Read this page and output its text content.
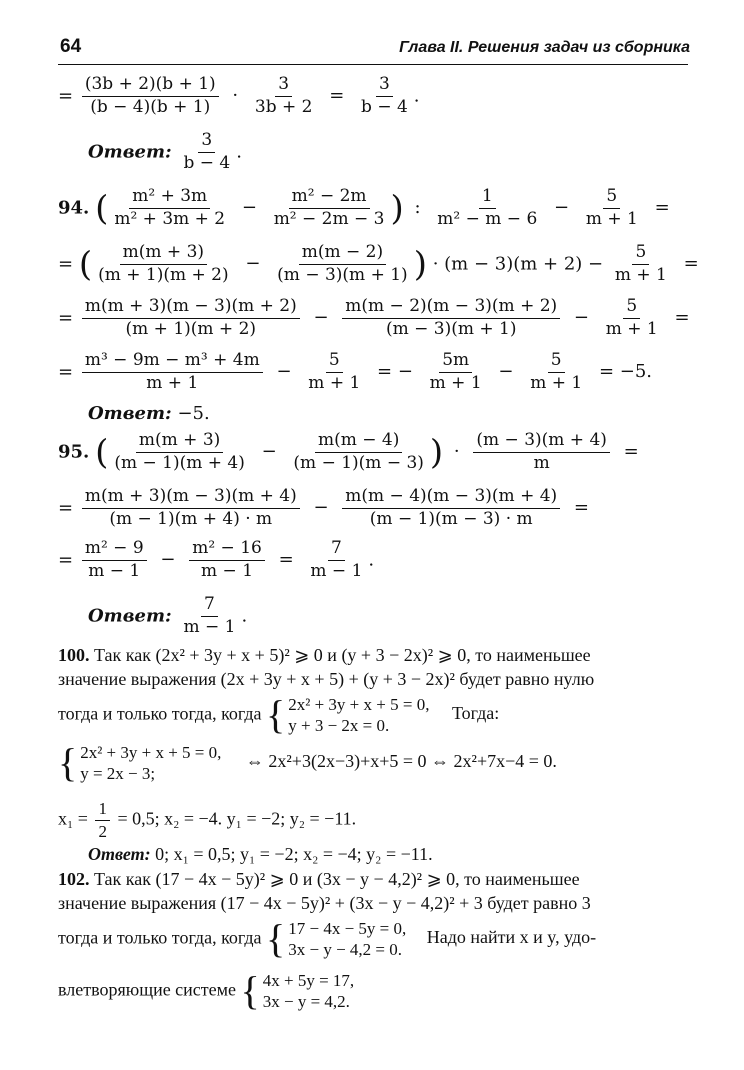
64	Глава II. Решения задач из сборника
= $\frac{(3b + 2)(b + 1)}{(b - 4)(b + 1)} \cdot \frac{3}{3b + 2} = \frac{3}{b - 4}$ .
Ответ: $\frac{3}{b - 4}$ .
94. ( $\frac{\text{m² + 3m}}{\text{m² + 3m + 2}} - \frac{\text{m² − 2m}}{\text{m² − 2m − 3}}$ ) : $\frac{1}{\text{m² − m − 6}} - \frac{5}{m + 1}$ =
= ( $\frac{m(m + 3)}{(m + 1)(m + 2)} - \frac{m(m - 2)}{(m - 3)(m + 1)}$ ) · $(m - 3)(m + 2) - \frac{5}{m + 1}$ =
= $\frac{m(m + 3)(m - 3)(m + 2)}{(m + 1)(m + 2)} - \frac{m(m - 2)(m - 3)(m + 2)}{(m - 3)(m + 1)} - \frac{5}{m + 1}$ =
= $\frac{\text{m³ − 9m − m³ + 4m}}{m + 1} - \frac{5}{m + 1}$ = − $\frac{5m}{m + 1} - \frac{5}{m + 1} = -5$.
Ответ: −5.
95. ( $\frac{m(m + 3)}{(m - 1)(m + 4)} - \frac{m(m - 4)}{(m - 1)(m - 3)}$ ) · $\frac{(m - 3)(m + 4)}{m}$ =
= $\frac{m(m + 3)(m - 3)(m + 4)}{(m - 1)(m + 4) \cdot m} - \frac{m(m - 4)(m - 3)(m + 4)}{(m - 1)(m - 3) \cdot m}$ =
= $\frac{\text{m² − 9}}{m - 1} - \frac{\text{m² − 16}}{m - 1} = \frac{7}{m - 1}$ .
Ответ: $\frac{7}{m - 1}$ .
100. Так как (2x² + 3y + x + 5)² ⩾ 0 и (y + 3 − 2x)² ⩾ 0, то наименьшее
значение выражения (2x + 3y + x + 5) + (y + 3 − 2x)² будет равно нулю
тогда и только тогда, когда { 2x² + 3y + x + 5 = 0,
y + 3 − 2x = 0.
Тогда:
{ 2x² + 3y + x + 5 = 0,
y = 2x − 3;
⇔ 2x²+3(2x−3)+x+5 = 0 ⇔ 2x²+7x−4 = 0.
$x_1 = \frac{1}{2} = 0,5$; x₂ = −4. y₁ = −2; y₂ = −11.
Ответ: 0; x₁ = 0,5; y₁ = −2; x₂ = −4; y₂ = −11.
102. Так как (17 − 4x − 5y)² ⩾ 0 и (3x − y − 4,2)² ⩾ 0, то наименьшее
значение выражения (17 − 4x − 5y)² + (3x − y − 4,2)² + 3 будет равно 3
тогда и только тогда, когда { 17 − 4x − 5y = 0,
3x − y − 4,2 = 0.
Надо найти x и y, удо-
влетворяющие системе { 4x + 5y = 17,
3x − y = 4,2.
